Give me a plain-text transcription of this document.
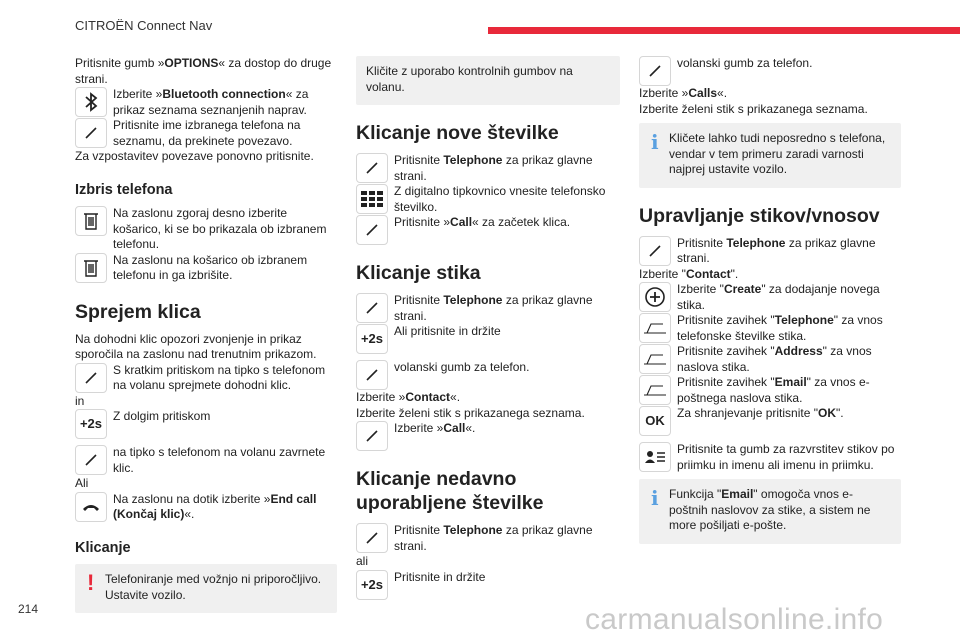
CITROËN Connect Nav

Pritisnite gumb »OPTIONS« za dostop do druge strani.

Izberite »Bluetooth connection« za prikaz seznama seznanjenih naprav.
Pritisnite ime izbranega telefona na seznamu, da prekinete povezavo.

Za vzpostavitev povezave ponovno pritisnite.

Izbris telefona
Na zaslonu zgoraj desno izberite košarico, ki se bo prikazala ob izbranem telefonu.
Na zaslonu na košarico ob izbranem telefonu in ga izbrišite.
Sprejem klica

Na dohodni klic opozori zvonjenje in prikaz sporočila na zaslonu nad trenutnim prikazom.

S kratkim pritiskom na tipko s telefonom na volanu sprejmete dohodni klic.

in

+2s
Z dolgim pritiskom
na tipko s telefonom na volanu zavrnete klic.

Ali

Na zaslonu na dotik izberite »End call (Končaj klic)«.
Klicanje
! Telefoniranje med vožnjo ni priporočljivo. Ustavite vozilo.
Kličite z uporabo kontrolnih gumbov na volanu.
Klicanje nove številke
Pritisnite Telephone za prikaz glavne strani.
Z digitalno tipkovnico vnesite telefonsko številko.
Pritisnite »Call« za začetek klica.
Klicanje stika
Pritisnite Telephone za prikaz glavne strani.
+2s
Ali pritisnite in držite
volanski gumb za telefon.

Izberite »Contact«.

Izberite želeni stik s prikazanega seznama.

Izberite »Call«.
Klicanje nedavno uporabljene številke
Pritisnite Telephone za prikaz glavne strani.

ali

+2s
Pritisnite in držite
volanski gumb za telefon.

Izberite »Calls«.

Izberite želeni stik s prikazanega seznama.

i Kličete lahko tudi neposredno s telefona, vendar v tem primeru zaradi varnosti najprej ustavite vozilo.
Upravljanje stikov/vnosov
Pritisnite Telephone za prikaz glavne strani.

Izberite "Contact".

Izberite "Create" za dodajanje novega stika.
Pritisnite zavihek "Telephone" za vnos telefonske številke stika.
Pritisnite zavihek "Address" za vnos naslova stika.
Pritisnite zavihek "Email" za vnos e-poštnega naslova stika.
OK
Za shranjevanje pritisnite "OK".
Pritisnite ta gumb za razvrstitev stikov po priimku in imenu ali imenu in priimku.
i Funkcija "Email" omogoča vnos e-poštnih naslovov za stike, a sistem ne more pošiljati e-pošte.
214	carmanualsonline.info
